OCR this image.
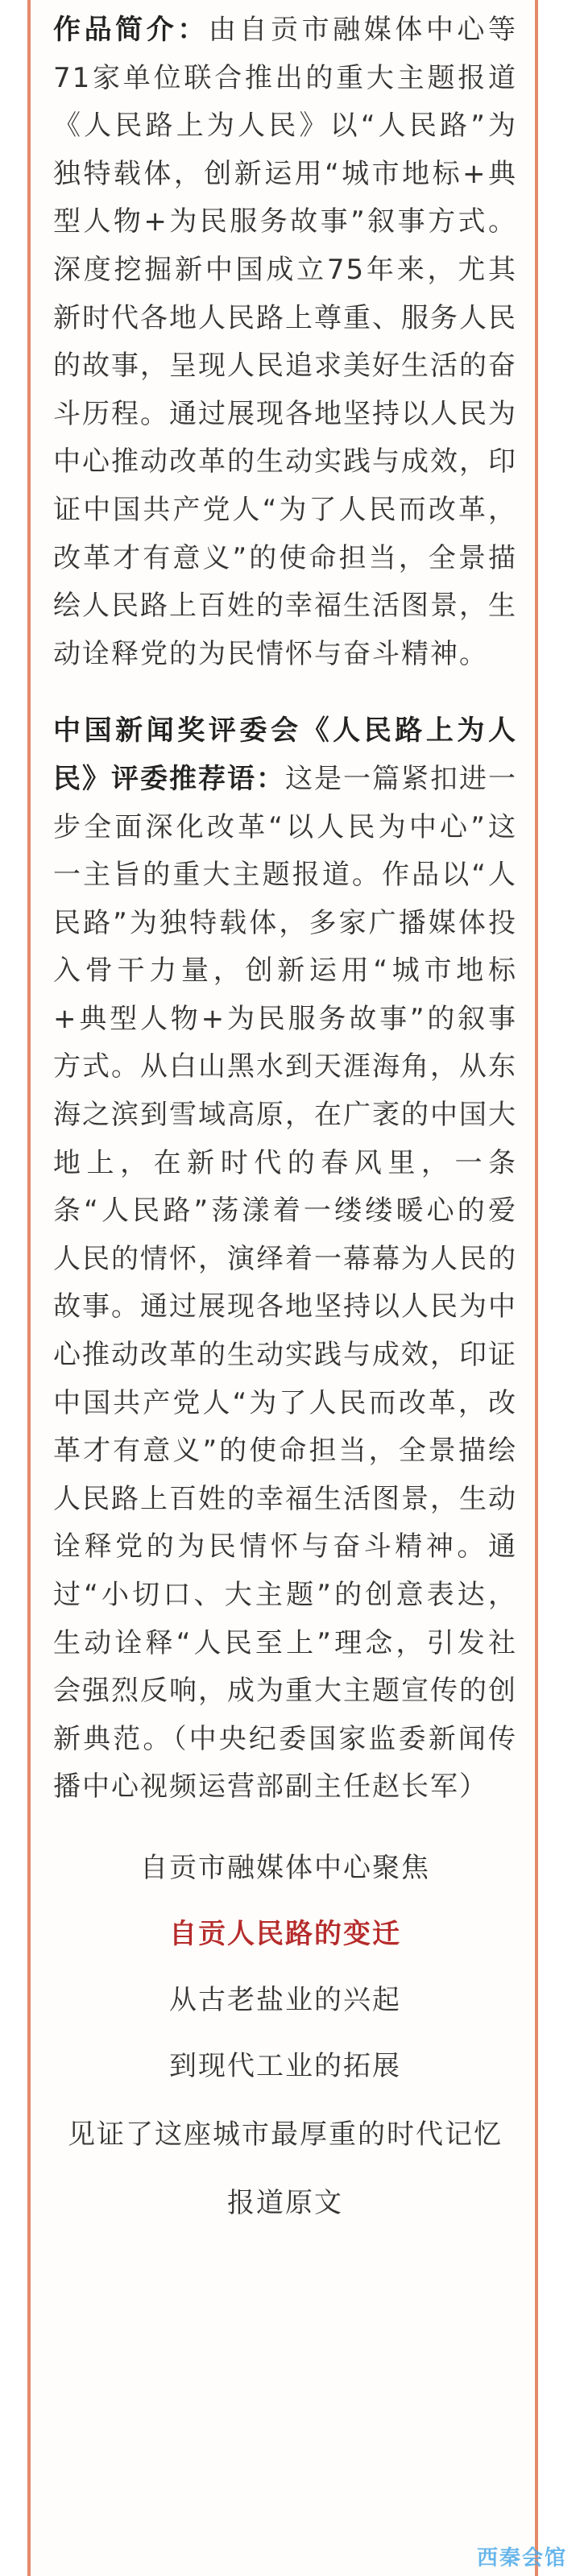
作品简介：由自贡市融媒体中心等71家单位联合推出的重大主题报道《人民路上为人民》以“人民路”为独特载体，创新运用“城市地标+典型人物+为民服务故事”叙事方式。深度挖掘新中国成立75年来，尤其新时代各地人民路上尊重、服务人民的故事，呈现人民追求美好生活的奋斗历程。通过展现各地坚持以人民为中心推动改革的生动实践与成效，印证中国共产党人“为了人民而改革，改革才有意义”的使命担当，全景描绘人民路上百姓的幸福生活图景，生动诠释党的为民情怀与奋斗精神。

中国新闻奖评委会《人民路上为人民》评委推荐语：这是一篇紧扣进一步全面深化改革“以人民为中心”这一主旨的重大主题报道。作品以“人民路”为独特载体，多家广播媒体投入骨干力量，创新运用“城市地标+典型人物+为民服务故事”的叙事方式。从白山黑水到天涯海角，从东海之滨到雪域高原，在广袤的中国大地上，在新时代的春风里，一条条“人民路”荡漾着一缕缕暖心的爱人民的情怀，演绎着一幕幕为人民的故事。通过展现各地坚持以人民为中心推动改革的生动实践与成效，印证中国共产党人“为了人民而改革，改革才有意义”的使命担当，全景描绘人民路上百姓的幸福生活图景，生动诠释党的为民情怀与奋斗精神。通过“小切口、大主题”的创意表达，生动诠释“人民至上”理念，引发社会强烈反响，成为重大主题宣传的创新典范。（中央纪委国家监委新闻传播中心视频运营部副主任赵长军）

自贡市融媒体中心聚焦

自贡人民路的变迁

从古老盐业的兴起

到现代工业的拓展

见证了这座城市最厚重的时代记忆

报道原文

西秦会馆
